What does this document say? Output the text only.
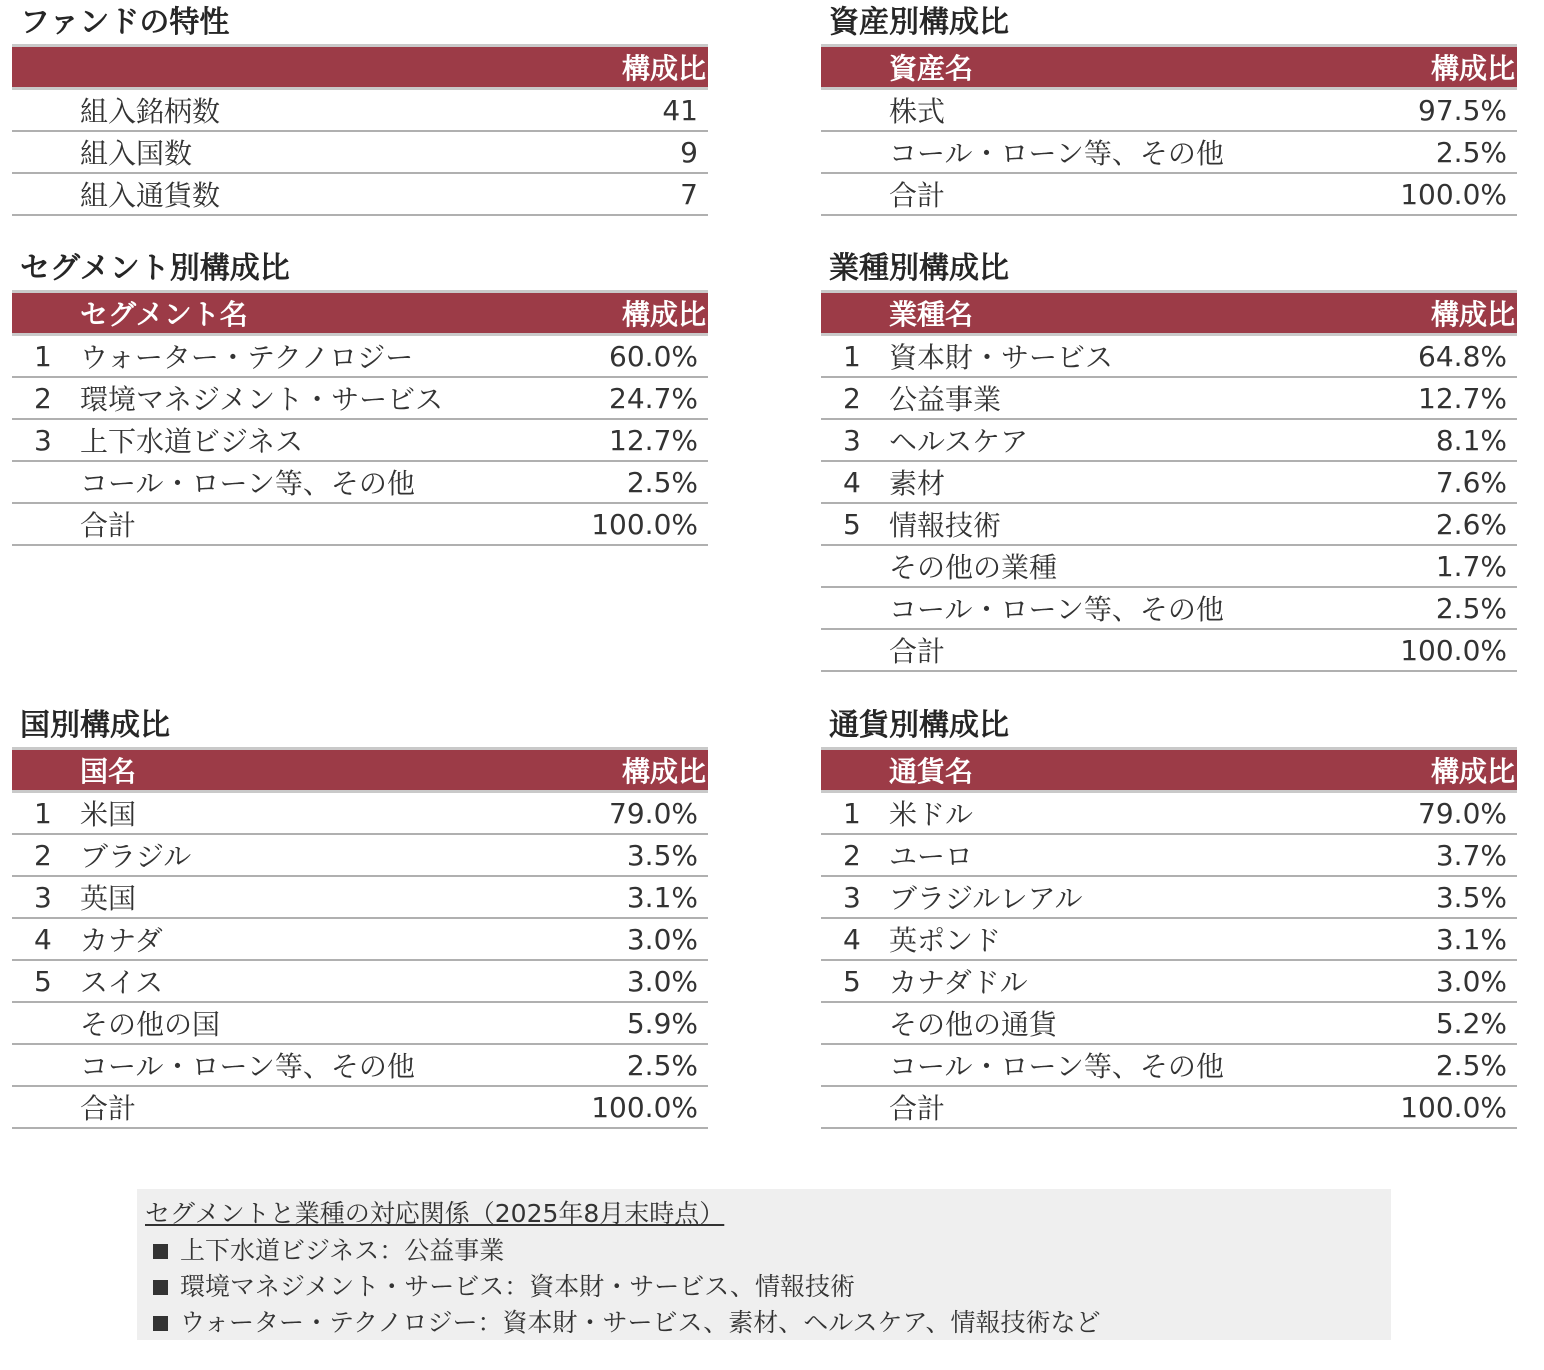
ファンドの特性
		構成比
	組入銘柄数	41
	組入国数	9
	組入通貨数	7
資産別構成比
	資産名	構成比
	株式	97.5%
	コール・ローン等、その他	2.5%
	合計	100.0%
セグメント別構成比
	セグメント名	構成比
1	ウォーター・テクノロジー	60.0%
2	環境マネジメント・サービス	24.7%
3	上下水道ビジネス	12.7%
	コール・ローン等、その他	2.5%
	合計	100.0%
業種別構成比
	業種名	構成比
1	資本財・サービス	64.8%
2	公益事業	12.7%
3	ヘルスケア	8.1%
4	素材	7.6%
5	情報技術	2.6%
	その他の業種	1.7%
	コール・ローン等、その他	2.5%
	合計	100.0%
国別構成比
	国名	構成比
1	米国	79.0%
2	ブラジル	3.5%
3	英国	3.1%
4	カナダ	3.0%
5	スイス	3.0%
	その他の国	5.9%
	コール・ローン等、その他	2.5%
	合計	100.0%
通貨別構成比
	通貨名	構成比
1	米ドル	79.0%
2	ユーロ	3.7%
3	ブラジルレアル	3.5%
4	英ポンド	3.1%
5	カナダドル	3.0%
	その他の通貨	5.2%
	コール・ローン等、その他	2.5%
	合計	100.0%
セグメントと業種の対応関係（2025年8月末時点）
上下水道ビジネス：公益事業
環境マネジメント・サービス：資本財・サービス、情報技術
ウォーター・テクノロジー：資本財・サービス、素材、ヘルスケア、情報技術など
